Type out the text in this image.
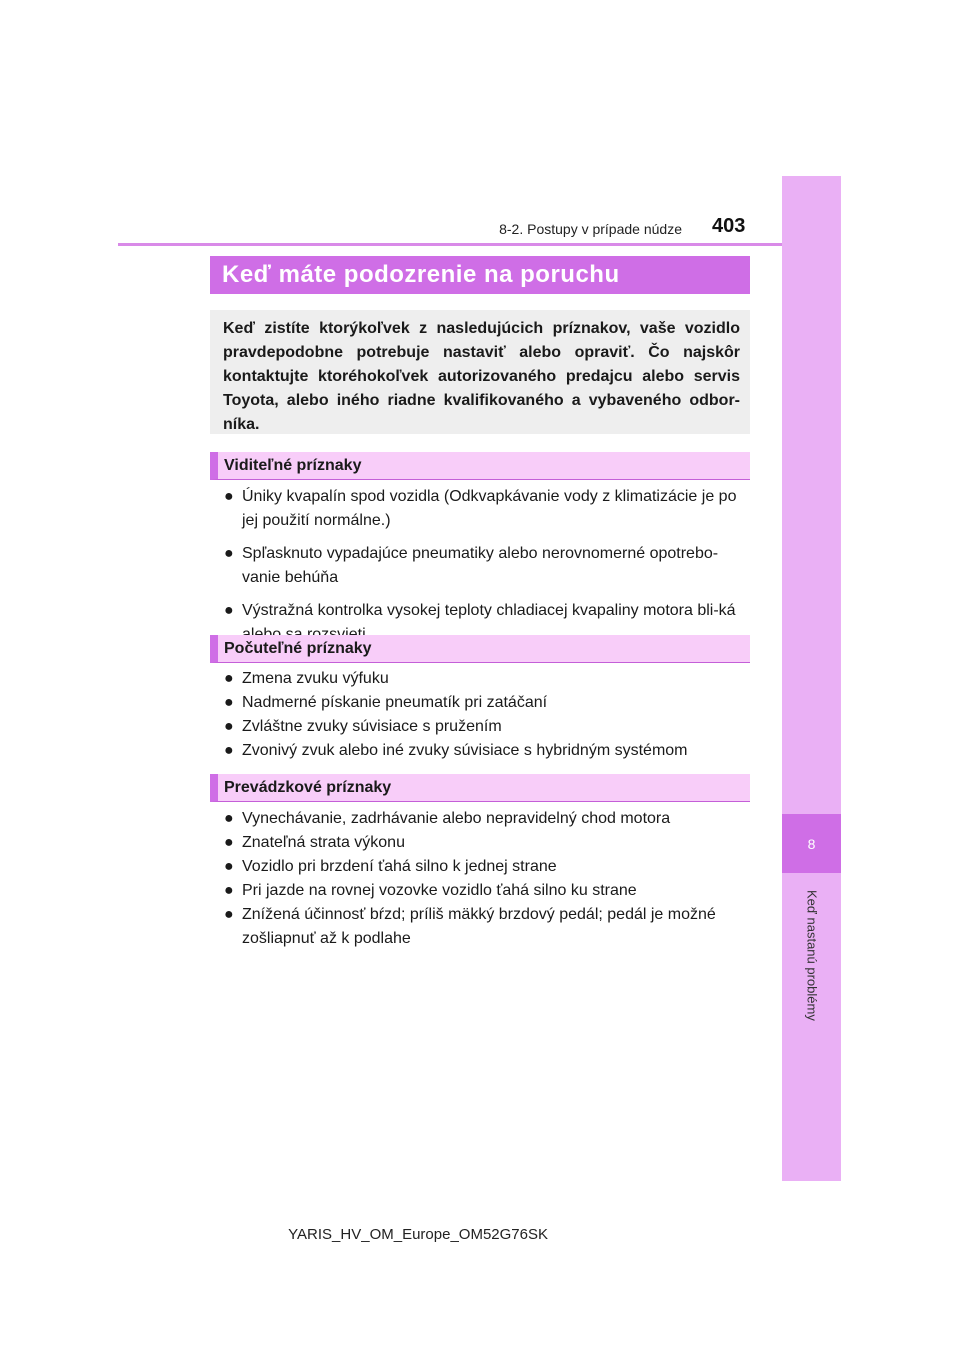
8
Keď nastanú problémy
8-2. Postupy v prípade núdze 403
Keď máte podozrenie na poruchu
Keď zistíte ktorýkoľvek z nasledujúcich príznakov, vaše vozidlo pravdepodobne potrebuje nastaviť alebo opraviť. Čo najskôr kontaktujte ktoréhokoľvek autorizovaného predajcu alebo servis Toyota, alebo iného riadne kvalifikovaného a vybaveného odbor-níka.
Viditeľné príznaky
● Úniky kvapalín spod vozidla (Odkvapkávanie vody z klimatizácie je po jej použití normálne.)
● Spľasknuto vypadajúce pneumatiky alebo nerovnomerné opotrebo-vanie behúňa
● Výstražná kontrolka vysokej teploty chladiacej kvapaliny motora bli-ká
Počuteľné príznaky
● Zmena zvuku výfuku
● Nadmerné pískanie pneumatík pri zatáčaní
● Zvláštne zvuky súvisiace s pružením
● Zvonivý zvuk alebo iné zvuky súvisiace s hybridným systémom
Prevádzkové príznaky
● Vynechávanie, zadrhávanie alebo nepravidelný chod motora
● Znateľná strata výkonu
● Vozidlo pri brzdení ťahá silno k jednej strane
● Pri jazde na rovnej vozovke vozidlo ťahá silno ku strane
● Znížená účinnosť bŕzd; príliš mäkký brzdový pedál; pedál je možné zošliapnuť až k podlahe
YARIS_HV_OM_Europe_OM52G76SK
